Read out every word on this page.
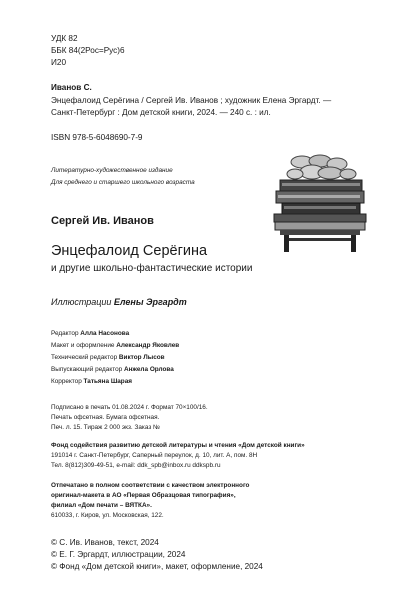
УДК 82
ББК 84(2Рос=Рус)6
И20
Иванов С.
Энцефалоид Серёгина / Сергей Ив. Иванов ; художник Елена Эргардт. —
Санкт-Петербург : Дом детской книги, 2024. — 240 с. : ил.
ISBN 978-5-6048690-7-9
Литературно-художественное издание
Для среднего и старшего школьного возраста
Сергей Ив. Иванов
Энцефалоид Серёгина
и другие школьно-фантастические истории
Иллюстрации Елены Эргардт
Редактор Алла Насонова
Макет и оформление Александр Яковлев
Технический редактор Виктор Лысов
Выпускающий редактор Анжела Орлова
Корректор Татьяна Шарая
Подписано в печать 01.08.2024 г. Формат 70×100/16.
Печать офсетная. Бумага офсетная.
Печ. л. 15. Тираж 2 000 экз. Заказ №
Фонд содействия развитию детской литературы и чтения «Дом детской книги»
191014 г. Санкт-Петербург, Саперный переулок, д. 10, лит. А, пом. 8Н
Тел. 8(812)309-49-51, e-mail: ddk_spb@inbox.ru ddkspb.ru
Отпечатано в полном соответствии с качеством электронного
оригинал-макета в АО «Первая Образцовая типография»,
филиал «Дом печати – ВЯТКА».
610033, г. Киров, ул. Московская, 122.
© С. Ив. Иванов, текст, 2024
© Е. Г. Эргардт, иллюстрации, 2024
© Фонд «Дом детской книги», макет, оформление, 2024
